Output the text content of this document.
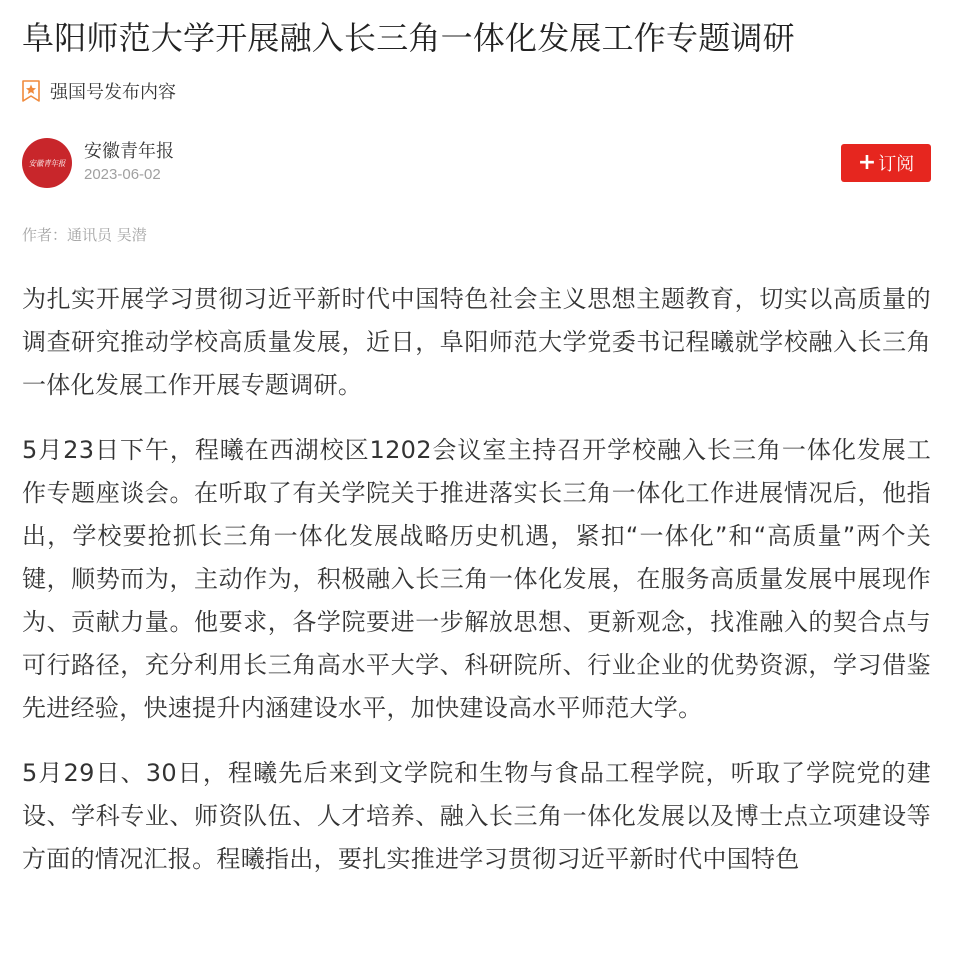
阜阳师范大学开展融入长三角一体化发展工作专题调研
强国号发布内容
安徽青年报
安徽青年报
2023-06-02	+ 订阅
作者：通讯员 吴潜

为扎实开展学习贯彻习近平新时代中国特色社会主义思想主题教育，切实以高质量的调查研究推动学校高质量发展，近日，阜阳师范大学党委书记程曦就学校融入长三角一体化发展工作开展专题调研。

5月23日下午，程曦在西湖校区1202会议室主持召开学校融入长三角一体化发展工作专题座谈会。在听取了有关学院关于推进落实长三角一体化工作进展情况后，他指出，学校要抢抓长三角一体化发展战略历史机遇，紧扣“一体化”和“高质量”两个关键，顺势而为，主动作为，积极融入长三角一体化发展，在服务高质量发展中展现作为、贡献力量。他要求，各学院要进一步解放思想、更新观念，找准融入的契合点与可行路径，充分利用长三角高水平大学、科研院所、行业企业的优势资源，学习借鉴先进经验，快速提升内涵建设水平，加快建设高水平师范大学。

5月29日、30日，程曦先后来到文学院和生物与食品工程学院，听取了学院党的建设、学科专业、师资队伍、人才培养、融入长三角一体化发展以及博士点立项建设等方面的情况汇报。程曦指出，要扎实推进学习贯彻习近平新时代中国特色
